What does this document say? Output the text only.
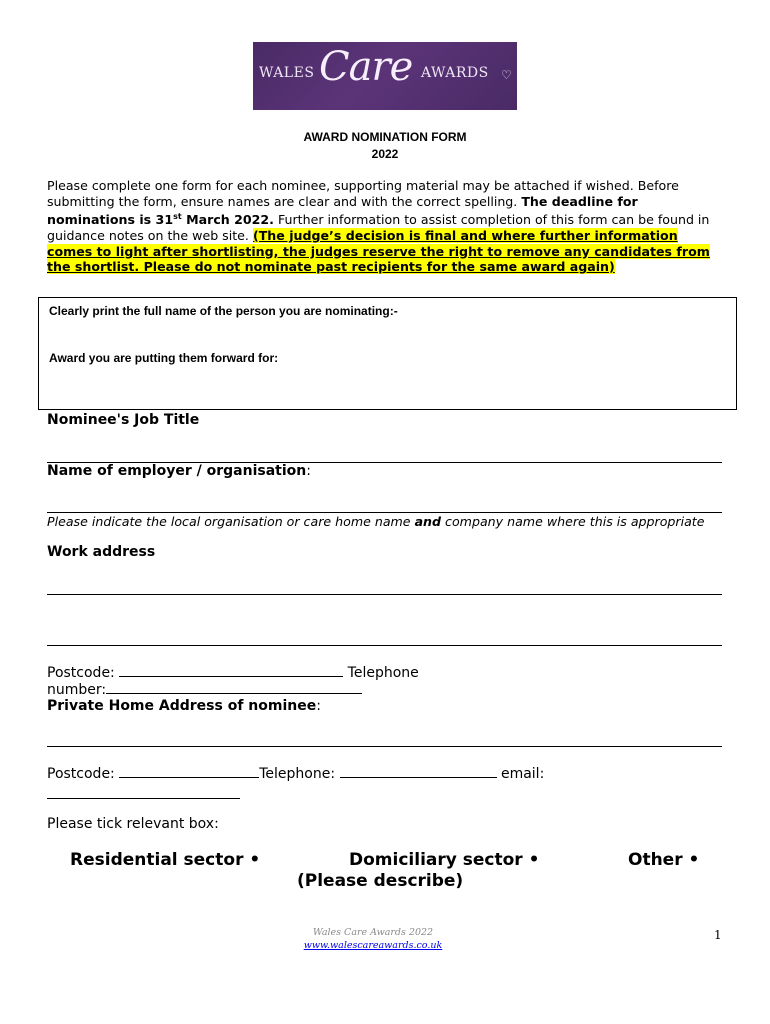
WALES Care AWARDS ♡
AWARD NOMINATION FORM
2022
Please complete one form for each nominee, supporting material may be attached if wished. Before submitting the form, ensure names are clear and with the correct spelling. The deadline for nominations is 31st March 2022. Further information to assist completion of this form can be found in guidance notes on the web site. (The judge’s decision is final and where further information comes to light after shortlisting, the judges reserve the right to remove any candidates from the shortlist. Please do not nominate past recipients for the same award again)
Clearly print the full name of the person you are nominating:-
Award you are putting them forward for:
Nominee's Job Title
Name of employer / organisation:
Please indicate the local organisation or care home name and company name where this is appropriate
Work address
Postcode:	Telephone
number:
Private Home Address of nominee:
Postcode:	Telephone:	email:
Please tick relevant box:
Residential sector •	Domiciliary sector •	Other •
(Please describe)
Wales Care Awards 2022
www.walescareawards.co.uk
1
